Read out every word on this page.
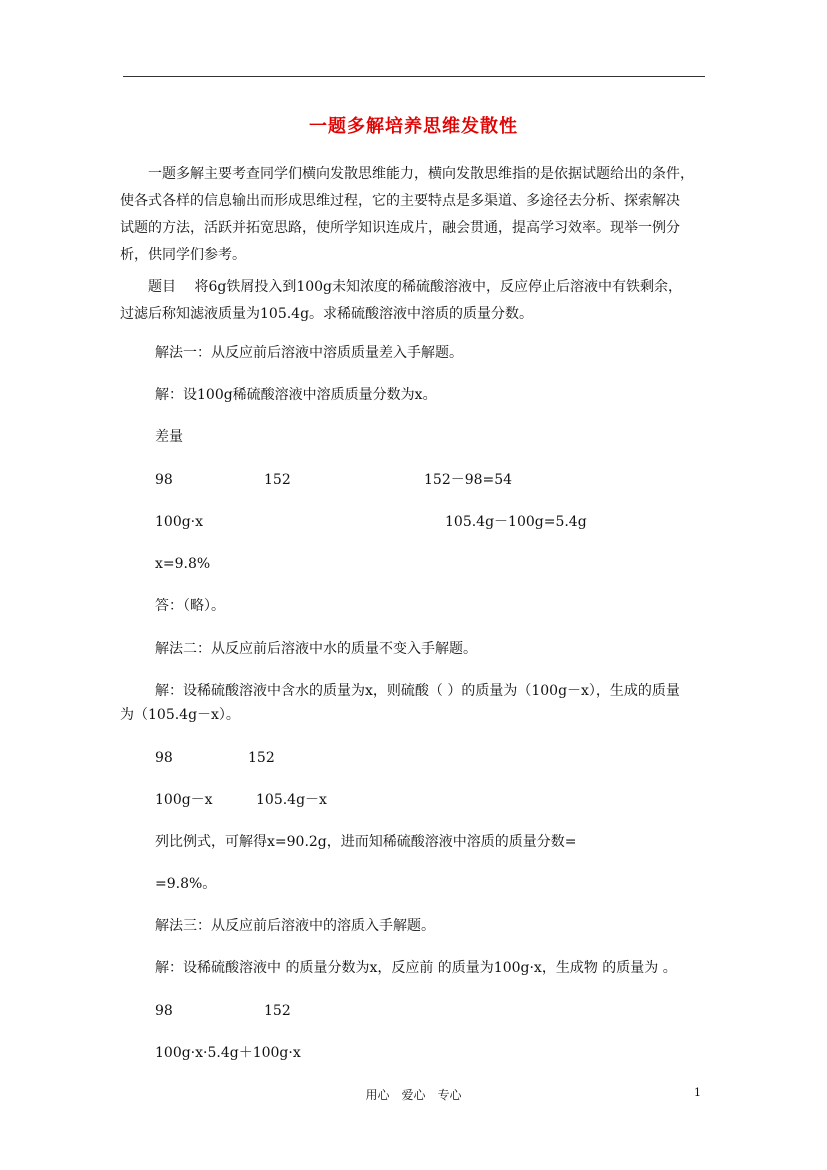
一题多解培养思维发散性
　　一题多解主要考查同学们横向发散思维能力，横向发散思维指的是依据试题给出的条件，
使各式各样的信息输出而形成思维过程，它的主要特点是多渠道、多途径去分析、探索解决
试题的方法，活跃并拓宽思路，使所学知识连成片，融会贯通，提高学习效率。现举一例分
析，供同学们参考。
　　题目　 将6g铁屑投入到100g未知浓度的稀硫酸溶液中，反应停止后溶液中有铁剩余，
过滤后称知滤液质量为105.4g。求稀硫酸溶液中溶质的质量分数。
解法一：从反应前后溶液中溶质质量差入手解题。
解：设100g稀硫酸溶液中溶质质量分数为x。
差量
98	152	152－98=54
100g·x	105.4g－100g=5.4g
x=9.8%
答：（略）。
解法二：从反应前后溶液中水的质量不变入手解题。
解：设稀硫酸溶液中含水的质量为x，则硫酸（ ）的质量为（100g－x），生成的质量
为（105.4g－x）。
98	152
100g－x	105.4g－x
列比例式，可解得x=90.2g，进而知稀硫酸溶液中溶质的质量分数=
=9.8%。
解法三：从反应前后溶液中的溶质入手解题。
解：设稀硫酸溶液中 的质量分数为x，反应前 的质量为100g·x，生成物 的质量为 。
98	152
100g·x·5.4g＋100g·x
用心　爱心　专心	1
